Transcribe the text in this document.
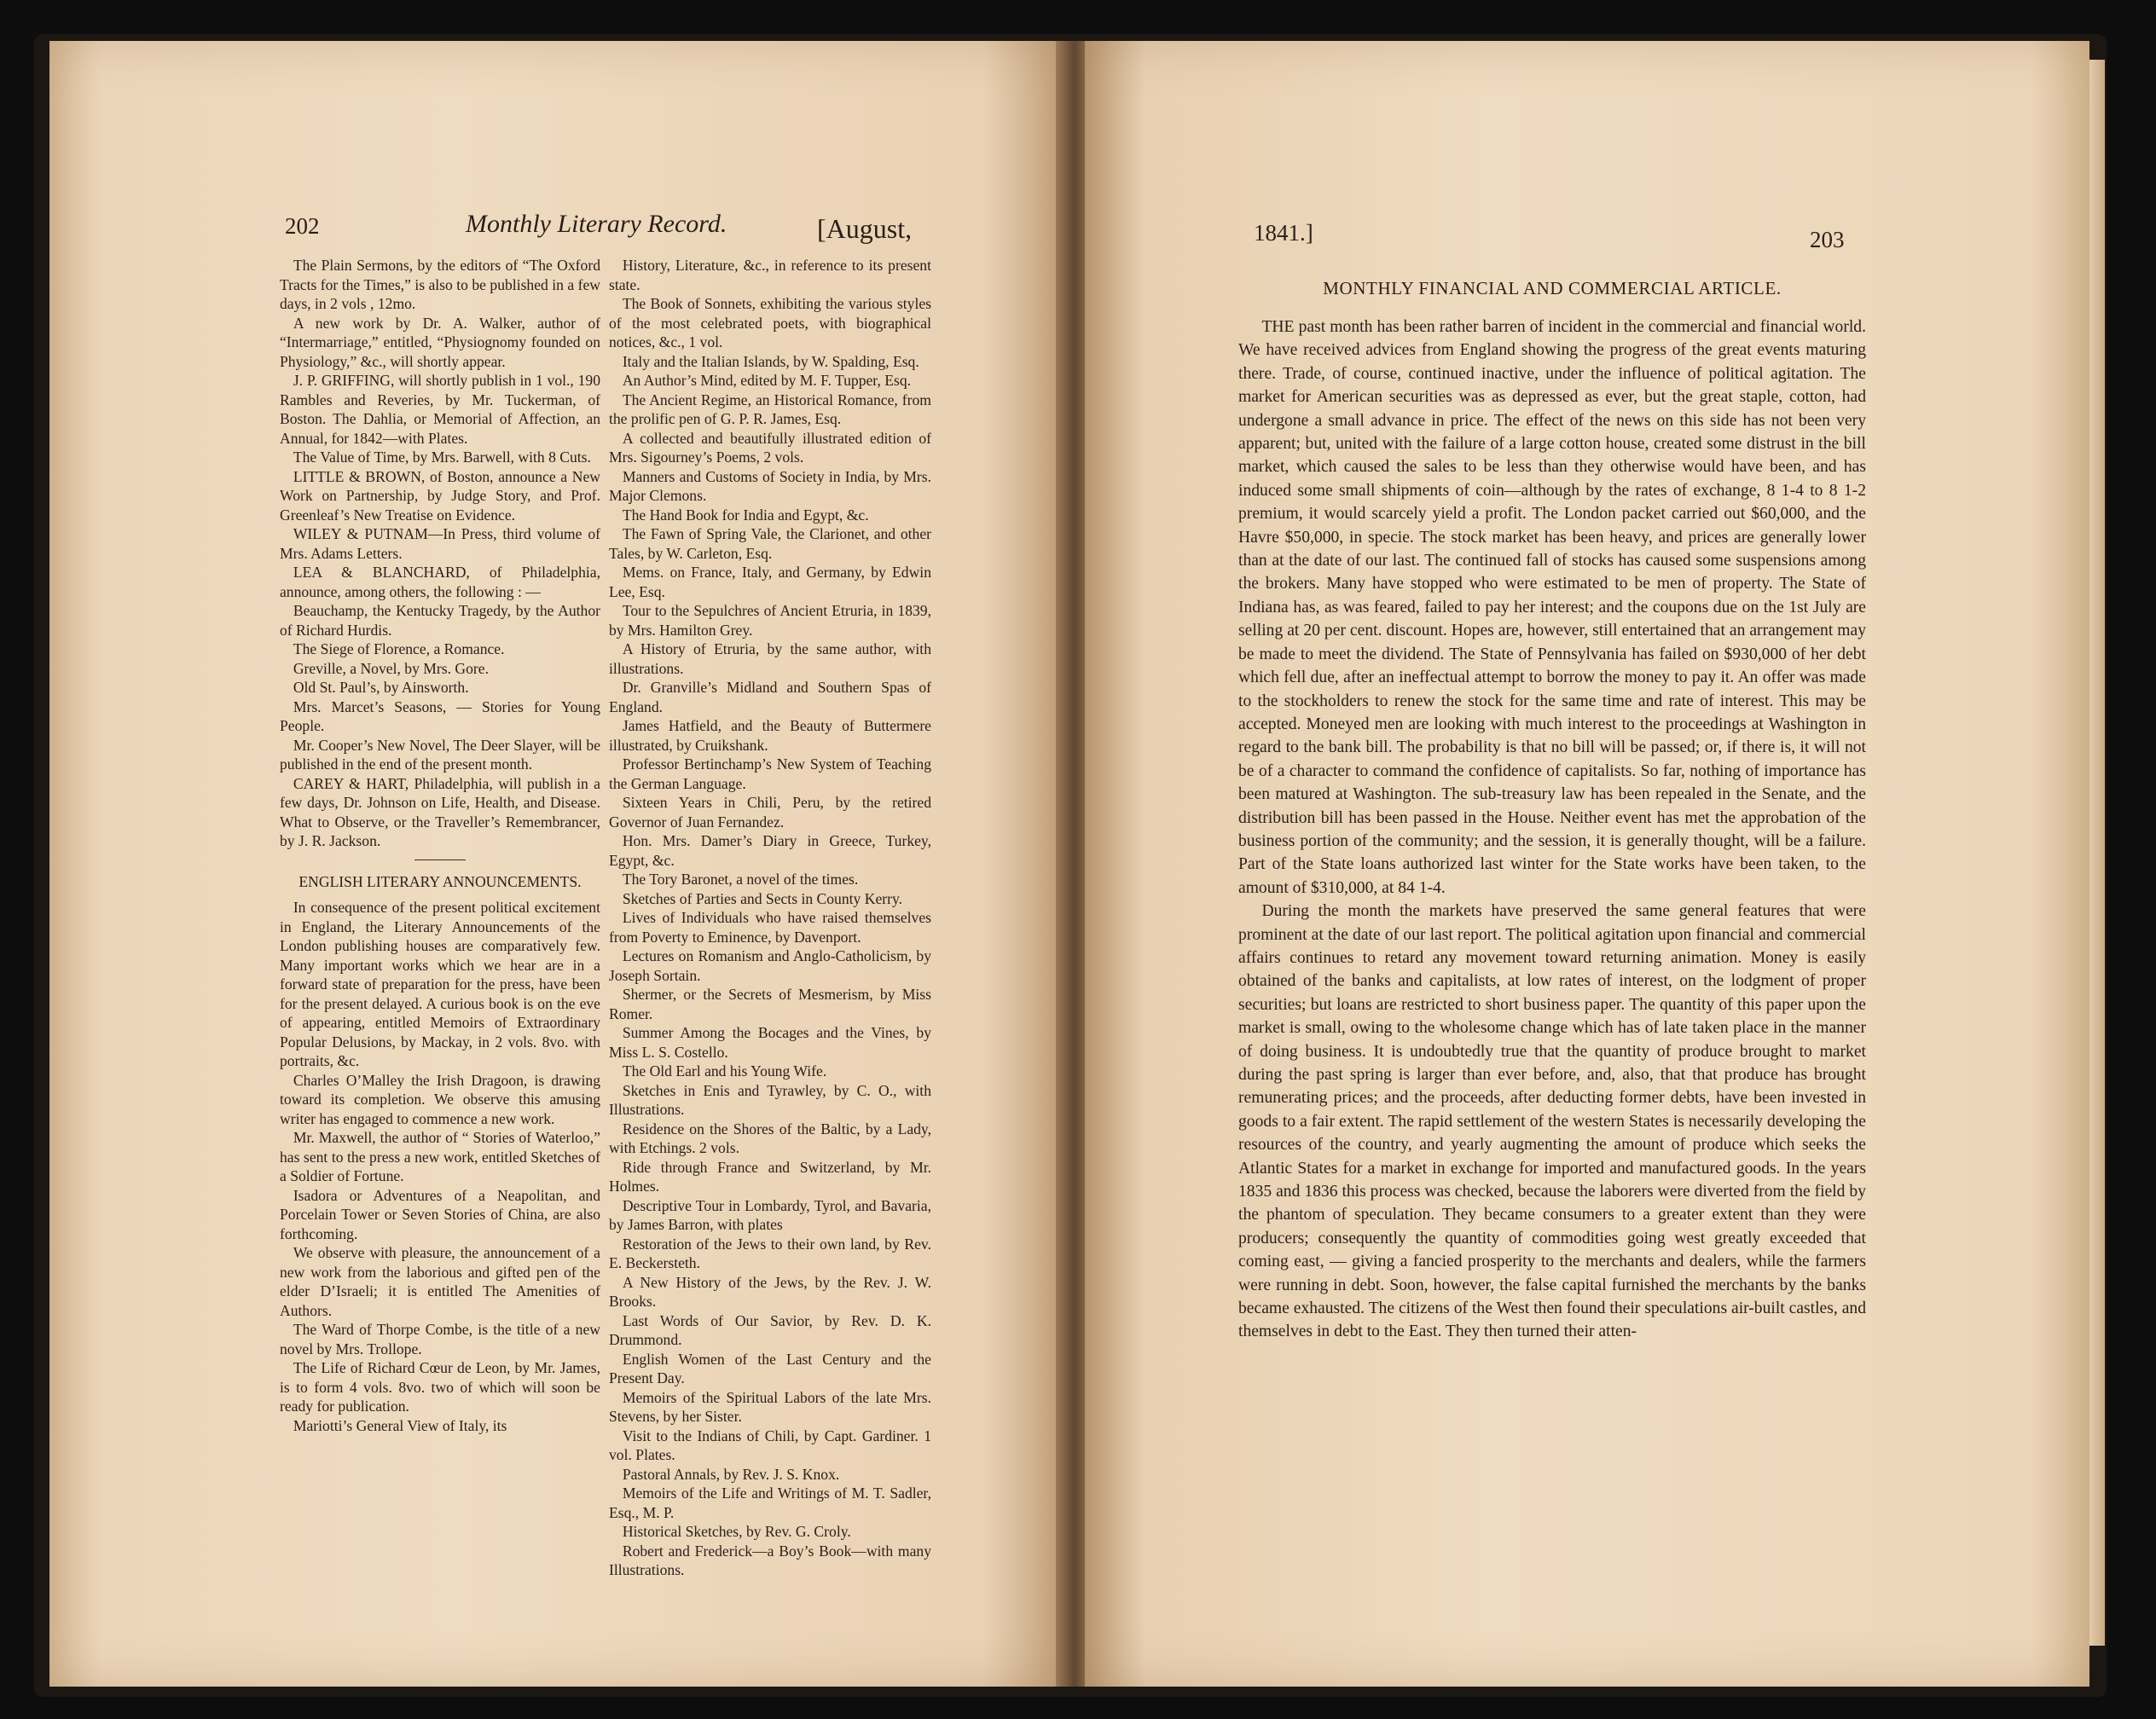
202	Monthly Literary Record.	[August,

The Plain Sermons, by the editors of “The Oxford Tracts for the Times,” is also to be published in a few days, in 2 vols , 12mo.

A new work by Dr. A. Walker, author of “Intermarriage,” entitled, “Physiognomy founded on Physiology,” &c., will shortly appear.

J. P. GRIFFING, will shortly publish in 1 vol., 190 Rambles and Reveries, by Mr. Tuckerman, of Boston. The Dahlia, or Memorial of Affection, an Annual, for 1842—with Plates.

The Value of Time, by Mrs. Barwell, with 8 Cuts.

LITTLE & BROWN, of Boston, announce a New Work on Partnership, by Judge Story, and Prof. Greenleaf’s New Treatise on Evidence.

WILEY & PUTNAM—In Press, third volume of Mrs. Adams Letters.

LEA & BLANCHARD, of Philadelphia, announce, among others, the following : —

Beauchamp, the Kentucky Tragedy, by the Author of Richard Hurdis.

The Siege of Florence, a Romance.

Greville, a Novel, by Mrs. Gore.

Old St. Paul’s, by Ainsworth.

Mrs. Marcet’s Seasons, — Stories for Young People.

Mr. Cooper’s New Novel, The Deer Slayer, will be published in the end of the present month.

CAREY & HART, Philadelphia, will publish in a few days, Dr. Johnson on Life, Health, and Disease. What to Observe, or the Traveller’s Remembrancer, by J. R. Jackson.

ENGLISH LITERARY ANNOUNCEMENTS.

In consequence of the present political excitement in England, the Literary Announcements of the London publishing houses are comparatively few. Many important works which we hear are in a forward state of preparation for the press, have been for the present delayed. A curious book is on the eve of appearing, entitled Memoirs of Extraordinary Popular Delusions, by Mackay, in 2 vols. 8vo. with portraits, &c.

Charles O’Malley the Irish Dragoon, is drawing toward its completion. We observe this amusing writer has engaged to commence a new work.

Mr. Maxwell, the author of “ Stories of Waterloo,” has sent to the press a new work, entitled Sketches of a Soldier of Fortune.

Isadora or Adventures of a Neapolitan, and Porcelain Tower or Seven Stories of China, are also forthcoming.

We observe with pleasure, the announcement of a new work from the laborious and gifted pen of the elder D’Israeli; it is entitled The Amenities of Authors.

The Ward of Thorpe Combe, is the title of a new novel by Mrs. Trollope.

The Life of Richard Cœur de Leon, by Mr. James, is to form 4 vols. 8vo. two of which will soon be ready for publication.

Mariotti’s General View of Italy, its

History, Literature, &c., in reference to its present state.

The Book of Sonnets, exhibiting the various styles of the most celebrated poets, with biographical notices, &c., 1 vol.

Italy and the Italian Islands, by W. Spalding, Esq.

An Author’s Mind, edited by M. F. Tupper, Esq.

The Ancient Regime, an Historical Romance, from the prolific pen of G. P. R. James, Esq.

A collected and beautifully illustrated edition of Mrs. Sigourney’s Poems, 2 vols.

Manners and Customs of Society in India, by Mrs. Major Clemons.

The Hand Book for India and Egypt, &c.

The Fawn of Spring Vale, the Clarionet, and other Tales, by W. Carleton, Esq.

Mems. on France, Italy, and Germany, by Edwin Lee, Esq.

Tour to the Sepulchres of Ancient Etruria, in 1839, by Mrs. Hamilton Grey.

A History of Etruria, by the same author, with illustrations.

Dr. Granville’s Midland and Southern Spas of England.

James Hatfield, and the Beauty of Buttermere illustrated, by Cruikshank.

Professor Bertinchamp’s New System of Teaching the German Language.

Sixteen Years in Chili, Peru, by the retired Governor of Juan Fernandez.

Hon. Mrs. Damer’s Diary in Greece, Turkey, Egypt, &c.

The Tory Baronet, a novel of the times.

Sketches of Parties and Sects in County Kerry.

Lives of Individuals who have raised themselves from Poverty to Eminence, by Davenport.

Lectures on Romanism and Anglo-Catholicism, by Joseph Sortain.

Shermer, or the Secrets of Mesmerism, by Miss Romer.

Summer Among the Bocages and the Vines, by Miss L. S. Costello.

The Old Earl and his Young Wife.

Sketches in Enis and Tyrawley, by C. O., with Illustrations.

Residence on the Shores of the Baltic, by a Lady, with Etchings. 2 vols.

Ride through France and Switzerland, by Mr. Holmes.

Descriptive Tour in Lombardy, Tyrol, and Bavaria, by James Barron, with plates

Restoration of the Jews to their own land, by Rev. E. Beckersteth.

A New History of the Jews, by the Rev. J. W. Brooks.

Last Words of Our Savior, by Rev. D. K. Drummond.

English Women of the Last Century and the Present Day.

Memoirs of the Spiritual Labors of the late Mrs. Stevens, by her Sister.

Visit to the Indians of Chili, by Capt. Gardiner. 1 vol. Plates.

Pastoral Annals, by Rev. J. S. Knox.

Memoirs of the Life and Writings of M. T. Sadler, Esq., M. P.

Historical Sketches, by Rev. G. Croly.

Robert and Frederick—a Boy’s Book—with many Illustrations.

1841.]	203
MONTHLY FINANCIAL AND COMMERCIAL ARTICLE.

THE past month has been rather barren of incident in the commercial and financial world. We have received advices from England showing the progress of the great events maturing there. Trade, of course, continued inactive, under the influence of political agitation. The market for American securities was as depressed as ever, but the great staple, cotton, had undergone a small advance in price. The effect of the news on this side has not been very apparent; but, united with the failure of a large cotton house, created some distrust in the bill market, which caused the sales to be less than they otherwise would have been, and has induced some small shipments of coin—although by the rates of exchange, 8 1-4 to 8 1-2 premium, it would scarcely yield a profit. The London packet carried out $60,000, and the Havre $50,000, in specie. The stock market has been heavy, and prices are generally lower than at the date of our last. The continued fall of stocks has caused some suspensions among the brokers. Many have stopped who were estimated to be men of property. The State of Indiana has, as was feared, failed to pay her interest; and the coupons due on the 1st July are selling at 20 per cent. discount. Hopes are, however, still entertained that an arrangement may be made to meet the dividend. The State of Pennsylvania has failed on $930,000 of her debt which fell due, after an ineffectual attempt to borrow the money to pay it. An offer was made to the stockholders to renew the stock for the same time and rate of interest. This may be accepted. Moneyed men are looking with much interest to the proceedings at Washington in regard to the bank bill. The probability is that no bill will be passed; or, if there is, it will not be of a character to command the confidence of capitalists. So far, nothing of importance has been matured at Washington. The sub-treasury law has been repealed in the Senate, and the distribution bill has been passed in the House. Neither event has met the approbation of the business portion of the community; and the session, it is generally thought, will be a failure. Part of the State loans authorized last winter for the State works have been taken, to the amount of $310,000, at 84 1-4.

During the month the markets have preserved the same general features that were prominent at the date of our last report. The political agitation upon financial and commercial affairs continues to retard any movement toward returning animation. Money is easily obtained of the banks and capitalists, at low rates of interest, on the lodgment of proper securities; but loans are restricted to short business paper. The quantity of this paper upon the market is small, owing to the wholesome change which has of late taken place in the manner of doing business. It is undoubtedly true that the quantity of produce brought to market during the past spring is larger than ever before, and, also, that that produce has brought remunerating prices; and the proceeds, after deducting former debts, have been invested in goods to a fair extent. The rapid settlement of the western States is necessarily developing the resources of the country, and yearly augmenting the amount of produce which seeks the Atlantic States for a market in exchange for imported and manufactured goods. In the years 1835 and 1836 this process was checked, because the laborers were diverted from the field by the phantom of speculation. They became consumers to a greater extent than they were producers; consequently the quantity of commodities going west greatly exceeded that coming east, — giving a fancied prosperity to the merchants and dealers, while the farmers were running in debt. Soon, however, the false capital furnished the merchants by the banks became exhausted. The citizens of the West then found their speculations air-built castles, and themselves in debt to the East. They then turned their atten-
